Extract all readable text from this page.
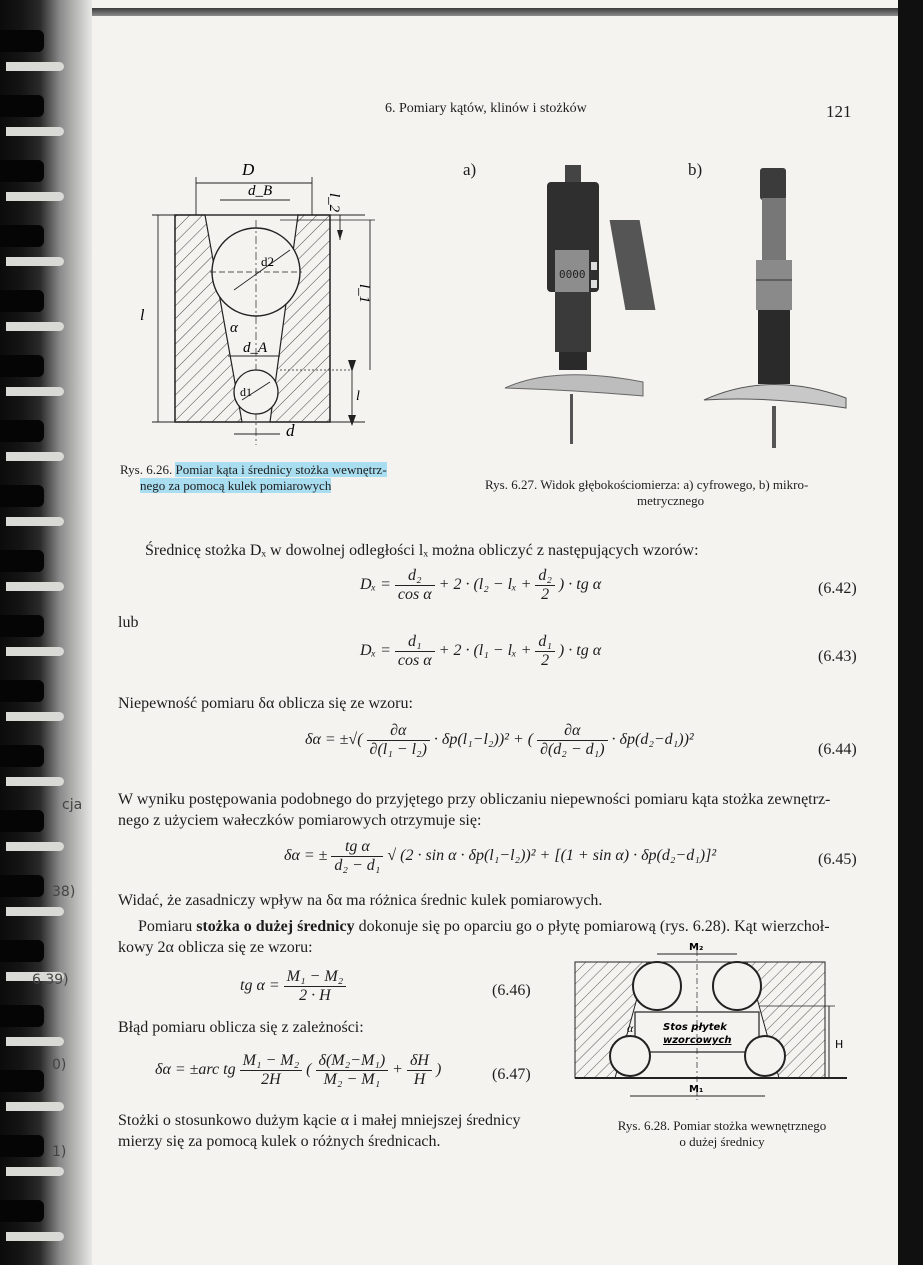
cja
38)
6.39)
0)
1)
6. Pomiary kątów, klinów i stożków	121
l
D
d_B
d2
d1
α
d_A
l_2
l_1
l
d
Rys. 6.26. Pomiar kąta i średnicy stożka wewnętrz-
nego za pomocą kulek pomiarowych
a)	b)
0000
Rys. 6.27. Widok głębokościomierza: a) cyfrowego, b) mikro-
metrycznego
Średnicę stożka Dₓ w dowolnej odległości lₓ można obliczyć z następujących wzorów:
$D_x = \frac{\text{d₂}}{\text{cos α}} + 2 \cdot (l_2 - l_x + \frac{\text{d₂}}{2}$ ) · tg α	(6.42)
lub
$D_x = \frac{\text{d₁}}{\text{cos α}} + 2 \cdot (l_1 - l_x + \frac{\text{d₁}}{2}$ ) · tg α	(6.43)
Niepewność pomiaru δα oblicza się ze wzoru:
δα = ±√( $\frac{\partial\alpha}{\text{∂(l₁ − l₂)}} \cdot \delta p(l_1-l_2))^2$ + ( $\frac{\partial\alpha}{\text{∂(d₂ − d₁)}} \cdot \delta p(d_2-d_1))^2$
(6.44)
W wyniku postępowania podobnego do przyjętego przy obliczaniu niepewności pomiaru kąta stożka zewnętrz-
nego z użyciem wałeczków pomiarowych otrzymuje się:
δα = ± $\frac{\text{tg α}}{\text{d₂ − d₁}}$ √ (2 · sin α · δp(l₁−l₂))² + [(1 + sin α) · δp(d₂−d₁)]²	(6.45)
Widać, że zasadniczy wpływ na δα ma różnica średnic kulek pomiarowych.
Pomiaru stożka o dużej średnicy dokonuje się po oparciu go o płytę pomiarową (rys. 6.28). Kąt wierzchoł-
kowy 2α oblicza się ze wzoru:
tg $\alpha = \frac{\text{M₁ − M₂}}{2 \cdot H}$	(6.46)
Błąd pomiaru oblicza się z zależności:
δα = ±arc tg $\frac{\text{M₁ − M₂}}{2H}$ ( $\frac{\text{δ(M₂−M₁)}}{\text{M₂ − M₁}} + \frac{\delta H}{H}$ )	(6.47)
Stożki o stosunkowo dużym kącie α i małej mniejszej średnicy
mierzy się za pomocą kulek o różnych średnicach.
M₂
M₁
α	Stos płytek
wzorcowych	H
Rys. 6.28. Pomiar stożka wewnętrznego
o dużej średnicy
